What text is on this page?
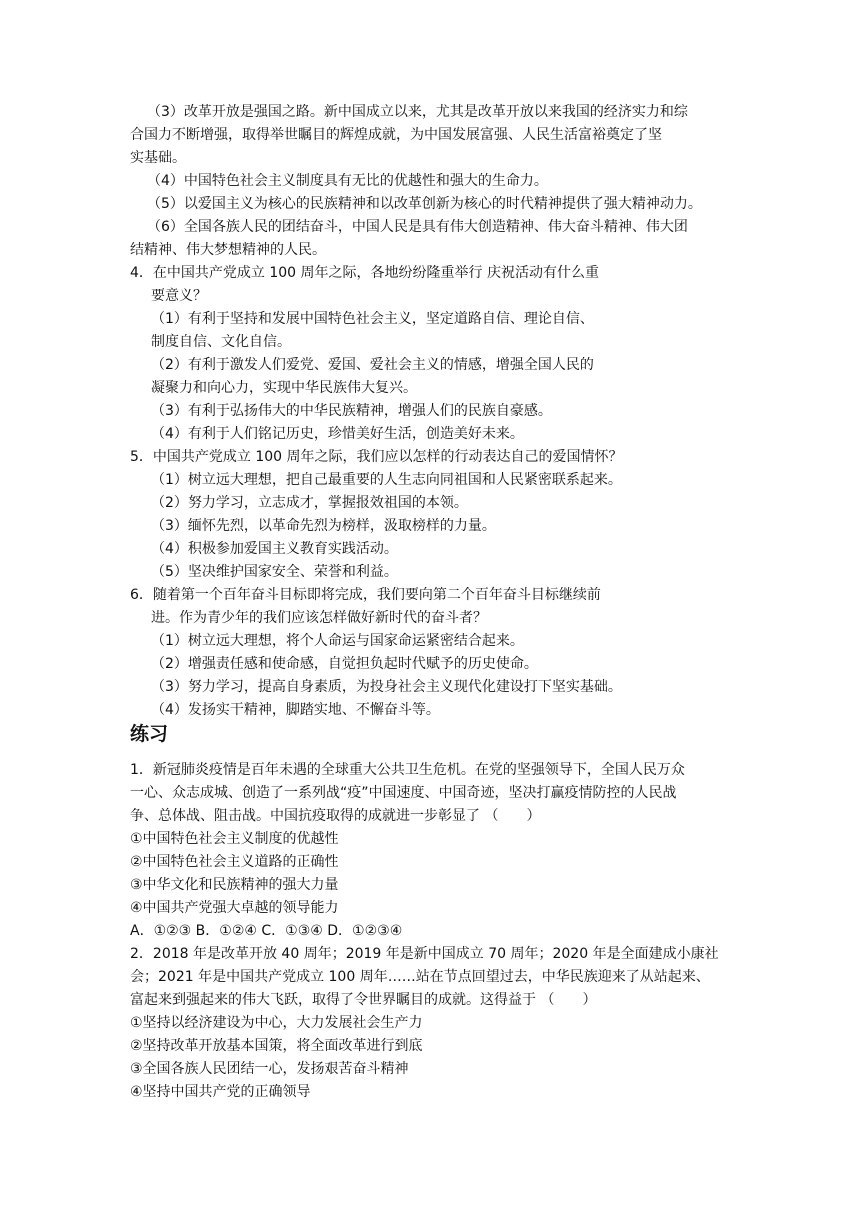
（3）改革开放是强国之路。新中国成立以来，尤其是改革开放以来我国的经济实力和综
合国力不断增强，取得举世瞩目的辉煌成就，为中国发展富强、人民生活富裕奠定了坚
实基础。
（4）中国特色社会主义制度具有无比的优越性和强大的生命力。
（5）以爱国主义为核心的民族精神和以改革创新为核心的时代精神提供了强大精神动力。
（6）全国各族人民的团结奋斗，中国人民是具有伟大创造精神、伟大奋斗精神、伟大团
结精神、伟大梦想精神的人民。
4．在中国共产党成立 100 周年之际，各地纷纷隆重举行 庆祝活动有什么重
要意义？
（1）有利于坚持和发展中国特色社会主义，坚定道路自信、理论自信、
制度自信、文化自信。
（2）有利于激发人们爱党、爱国、爱社会主义的情感，增强全国人民的
凝聚力和向心力，实现中华民族伟大复兴。
（3）有利于弘扬伟大的中华民族精神，增强人们的民族自豪感。
（4）有利于人们铭记历史，珍惜美好生活，创造美好未来。
5．中国共产党成立 100 周年之际，我们应以怎样的行动表达自己的爱国情怀？
（1）树立远大理想，把自己最重要的人生志向同祖国和人民紧密联系起来。
（2）努力学习，立志成才，掌握报效祖国的本领。
（3）缅怀先烈，以革命先烈为榜样，汲取榜样的力量。
（4）积极参加爱国主义教育实践活动。
（5）坚决维护国家安全、荣誉和利益。
6．随着第一个百年奋斗目标即将完成，我们要向第二个百年奋斗目标继续前
进。作为青少年的我们应该怎样做好新时代的奋斗者？
（1）树立远大理想，将个人命运与国家命运紧密结合起来。
（2）增强责任感和使命感，自觉担负起时代赋予的历史使命。
（3）努力学习，提高自身素质，为投身社会主义现代化建设打下坚实基础。
（4）发扬实干精神，脚踏实地、不懈奋斗等。
练习
1．新冠肺炎疫情是百年未遇的全球重大公共卫生危机。在党的坚强领导下，全国人民万众
一心、众志成城、创造了一系列战“疫”中国速度、中国奇迹，坚决打赢疫情防控的人民战
争、总体战、阻击战。中国抗疫取得的成就进一步彰显了 （　　）
①中国特色社会主义制度的优越性
②中国特色社会主义道路的正确性
③中华文化和民族精神的强大力量
④中国共产党强大卓越的领导能力
A．①②③ B．①②④ C．①③④ D．①②③④
2．2018 年是改革开放 40 周年；2019 年是新中国成立 70 周年；2020 年是全面建成小康社
会；2021 年是中国共产党成立 100 周年……站在节点回望过去，中华民族迎来了从站起来、
富起来到强起来的伟大飞跃，取得了令世界瞩目的成就。这得益于 （　　）
①坚持以经济建设为中心，大力发展社会生产力
②坚持改革开放基本国策，将全面改革进行到底
③全国各族人民团结一心，发扬艰苦奋斗精神
④坚持中国共产党的正确领导
